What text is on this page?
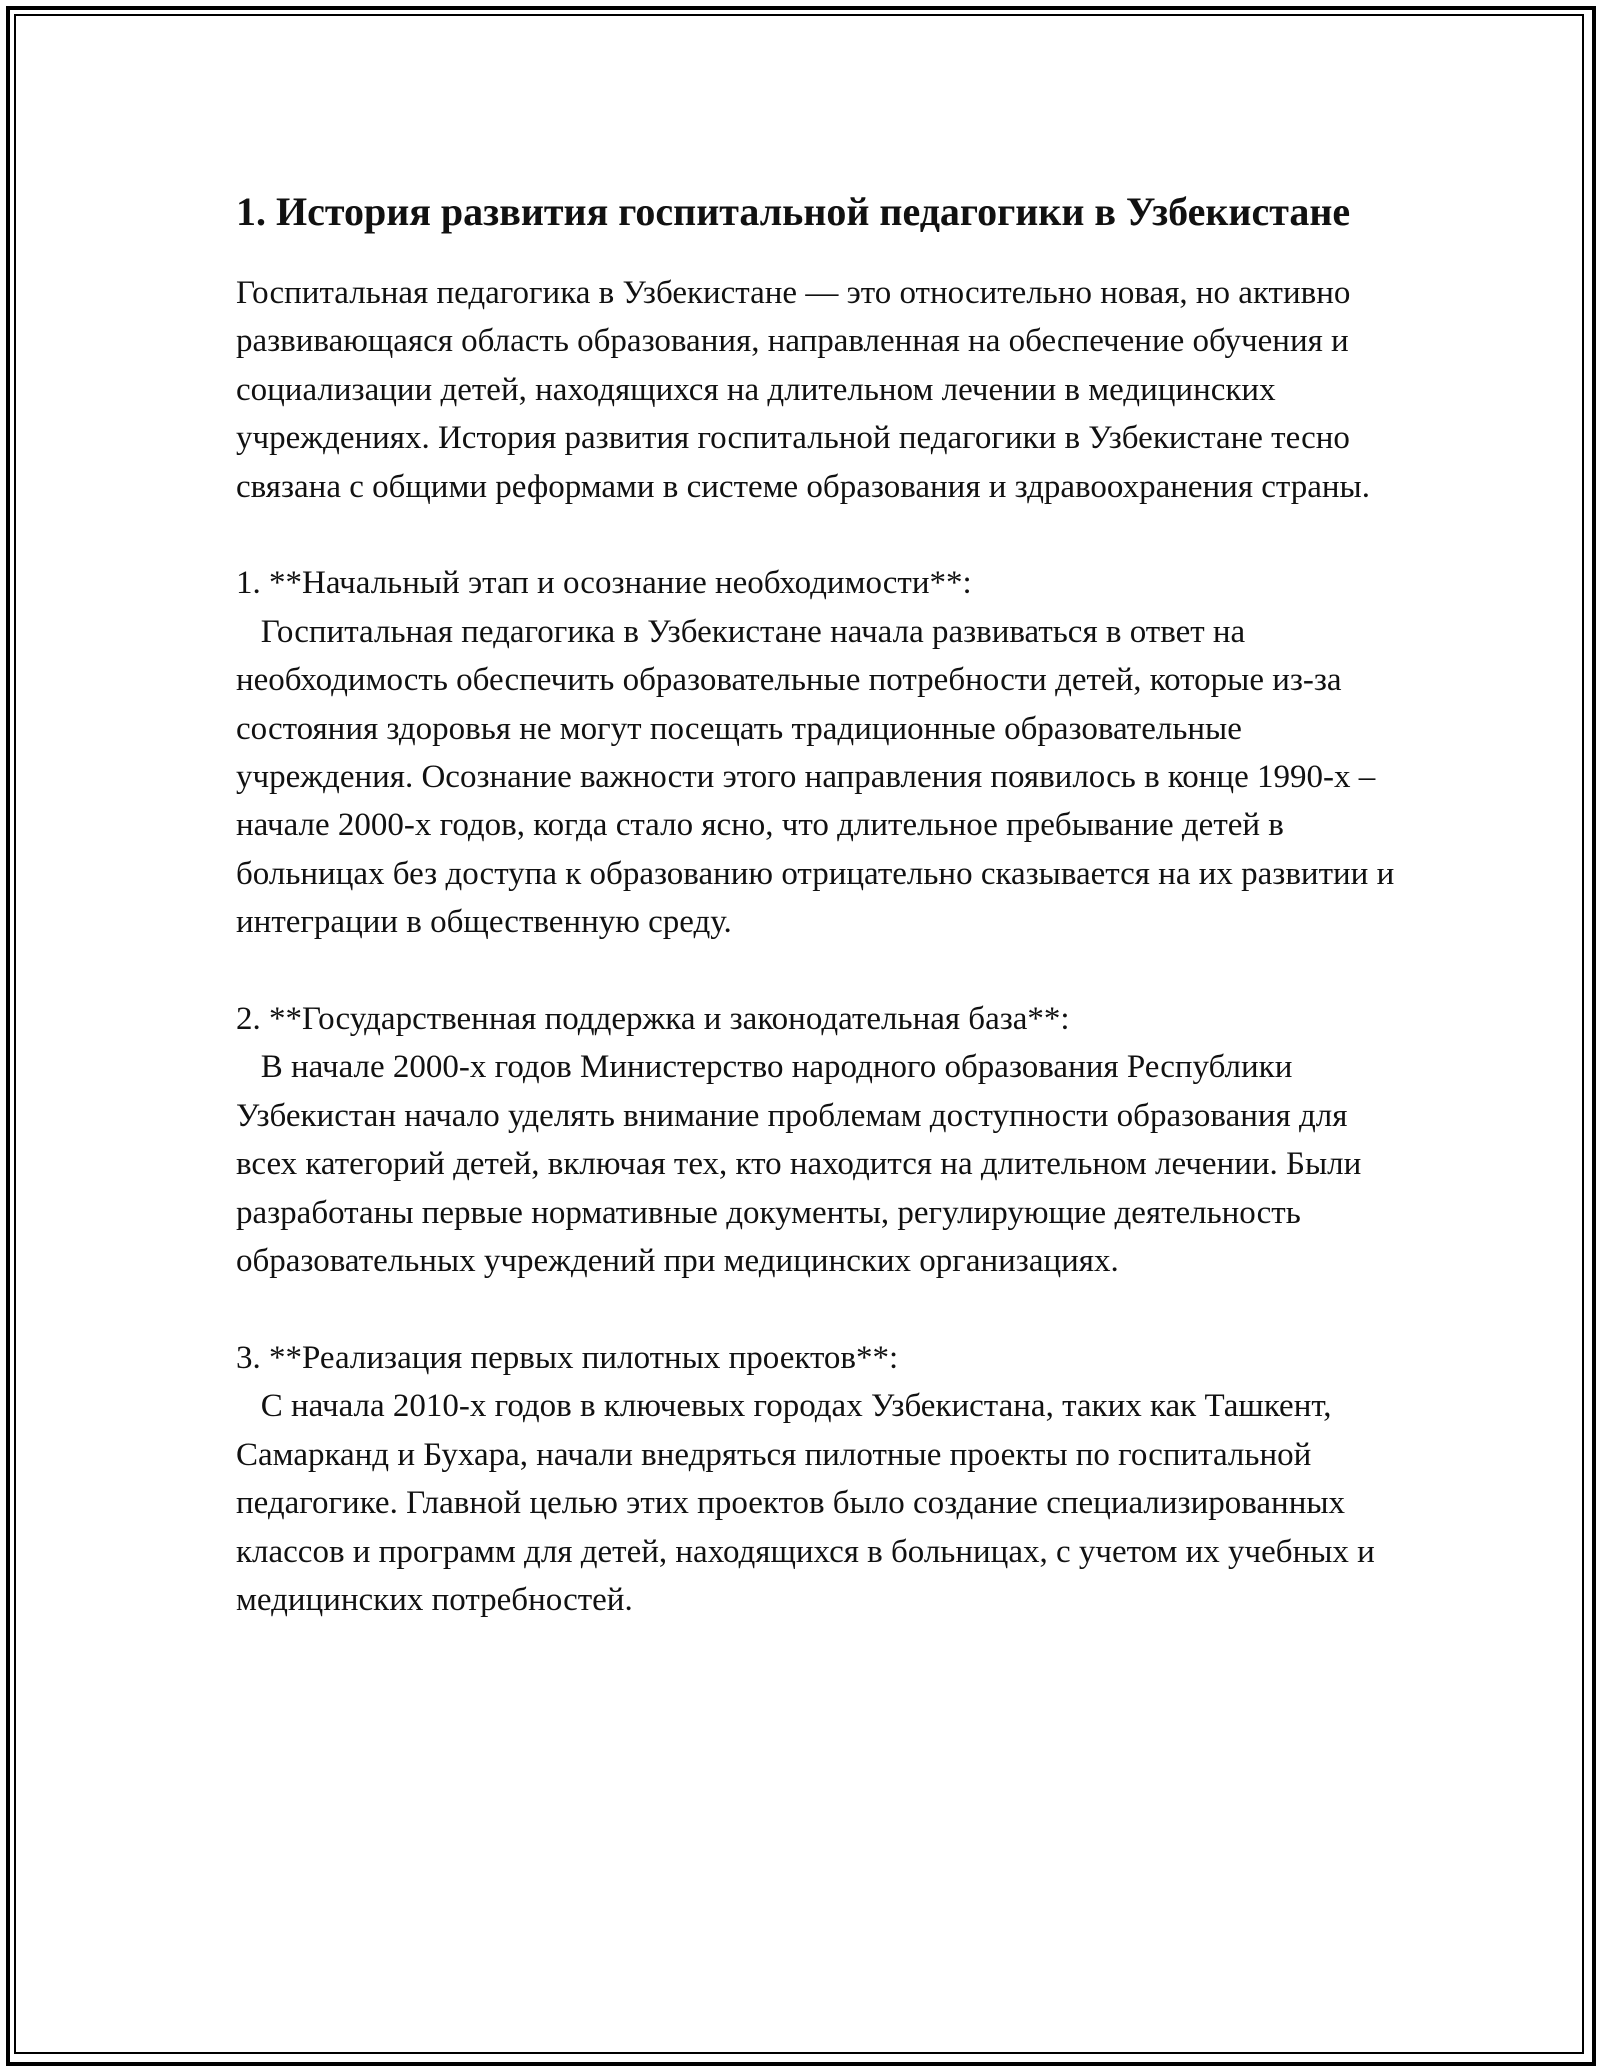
1. История развития госпитальной педагогики в Узбекистане

Госпитальная педагогика в Узбекистане — это относительно новая, но активно развивающаяся область образования, направленная на обеспечение обучения и социализации детей, находящихся на длительном лечении в медицинских учреждениях. История развития госпитальной педагогики в Узбекистане тесно связана с общими реформами в системе образования и здравоохранения страны.

1. **Начальный этап и осознание необходимости**:

Госпитальная педагогика в Узбекистане начала развиваться в ответ на необходимость обеспечить образовательные потребности детей, которые из-за состояния здоровья не могут посещать традиционные образовательные учреждения. Осознание важности этого направления появилось в конце 1990-х – начале 2000-х годов, когда стало ясно, что длительное пребывание детей в больницах без доступа к образованию отрицательно сказывается на их развитии и интеграции в общественную среду.

2. **Государственная поддержка и законодательная база**:

В начале 2000-х годов Министерство народного образования Республики Узбекистан начало уделять внимание проблемам доступности образования для всех категорий детей, включая тех, кто находится на длительном лечении. Были разработаны первые нормативные документы, регулирующие деятельность образовательных учреждений при медицинских организациях.

3. **Реализация первых пилотных проектов**:

С начала 2010-х годов в ключевых городах Узбекистана, таких как Ташкент, Самарканд и Бухара, начали внедряться пилотные проекты по госпитальной педагогике. Главной целью этих проектов было создание специализированных классов и программ для детей, находящихся в больницах, с учетом их учебных и медицинских потребностей.
